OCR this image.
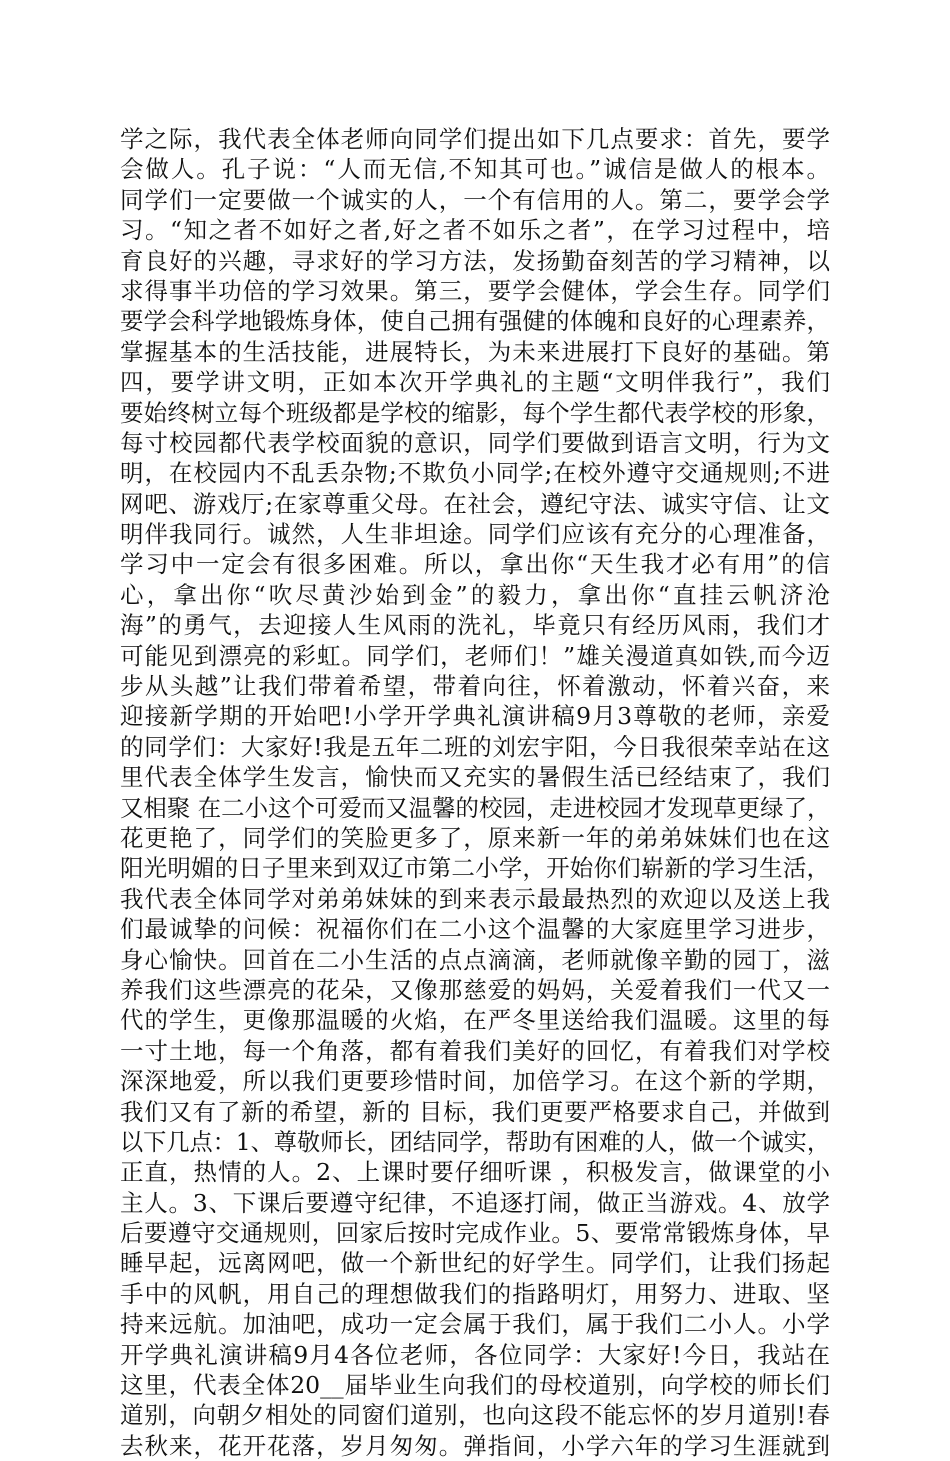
学之际，我代表全体老师向同学们提出如下几点要求：首先，要学
会做人。孔子说：“人而无信,不知其可也。”诚信是做人的根本。
同学们一定要做一个诚实的人，一个有信用的人。第二，要学会学
习。“知之者不如好之者,好之者不如乐之者”，在学习过程中，培
育良好的兴趣，寻求好的学习方法，发扬勤奋刻苦的学习精神，以
求得事半功倍的学习效果。第三，要学会健体，学会生存。同学们
要学会科学地锻炼身体，使自己拥有强健的体魄和良好的心理素养，
掌握基本的生活技能，进展特长，为未来进展打下良好的基础。第
四，要学讲文明，正如本次开学典礼的主题“文明伴我行”，我们
要始终树立每个班级都是学校的缩影，每个学生都代表学校的形象，
每寸校园都代表学校面貌的意识，同学们要做到语言文明，行为文
明，在校园内不乱丢杂物;不欺负小同学;在校外遵守交通规则;不进
网吧、游戏厅;在家尊重父母。在社会，遵纪守法、诚实守信、让文
明伴我同行。诚然，人生非坦途。同学们应该有充分的心理准备，
学习中一定会有很多困难。所以，拿出你“天生我才必有用”的信
心，拿出你“吹尽黄沙始到金”的毅力，拿出你“直挂云帆济沧
海”的勇气，去迎接人生风雨的洗礼，毕竟只有经历风雨，我们才
可能见到漂亮的彩虹。同学们，老师们！”雄关漫道真如铁,而今迈
步从头越”让我们带着希望，带着向往，怀着激动，怀着兴奋，来
迎接新学期的开始吧!小学开学典礼演讲稿9月3尊敬的老师，亲爱
的同学们：大家好!我是五年二班的刘宏宇阳，今日我很荣幸站在这
里代表全体学生发言，愉快而又充实的暑假生活已经结束了，我们
又相聚 在二小这个可爱而又温馨的校园，走进校园才发现草更绿了，
花更艳了，同学们的笑脸更多了，原来新一年的弟弟妹妹们也在这
阳光明媚的日子里来到双辽市第二小学，开始你们崭新的学习生活，
我代表全体同学对弟弟妹妹的到来表示最最热烈的欢迎以及送上我
们最诚挚的问候：祝福你们在二小这个温馨的大家庭里学习进步，
身心愉快。回首在二小生活的点点滴滴，老师就像辛勤的园丁，滋
养我们这些漂亮的花朵，又像那慈爱的妈妈，关爱着我们一代又一
代的学生，更像那温暖的火焰，在严冬里送给我们温暖。这里的每
一寸土地，每一个角落，都有着我们美好的回忆，有着我们对学校
深深地爱，所以我们更要珍惜时间，加倍学习。在这个新的学期，
我们又有了新的希望，新的 目标，我们更要严格要求自己，并做到
以下几点：1、尊敬师长，团结同学，帮助有困难的人，做一个诚实，
正直，热情的人。2、上课时要仔细听课 ，积极发言，做课堂的小
主人。3、下课后要遵守纪律，不追逐打闹，做正当游戏。4、放学
后要遵守交通规则，回家后按时完成作业。5、要常常锻炼身体，早
睡早起，远离网吧，做一个新世纪的好学生。同学们，让我们扬起
手中的风帆，用自己的理想做我们的指路明灯，用努力、进取、坚
持来远航。加油吧，成功一定会属于我们，属于我们二小人。小学
开学典礼演讲稿9月4各位老师，各位同学：大家好!今日，我站在
这里，代表全体20__届毕业生向我们的母校道别，向学校的师长们
道别，向朝夕相处的同窗们道别，也向这段不能忘怀的岁月道别!春
去秋来，花开花落，岁月匆匆。弹指间，小学六年的学习生涯就到
